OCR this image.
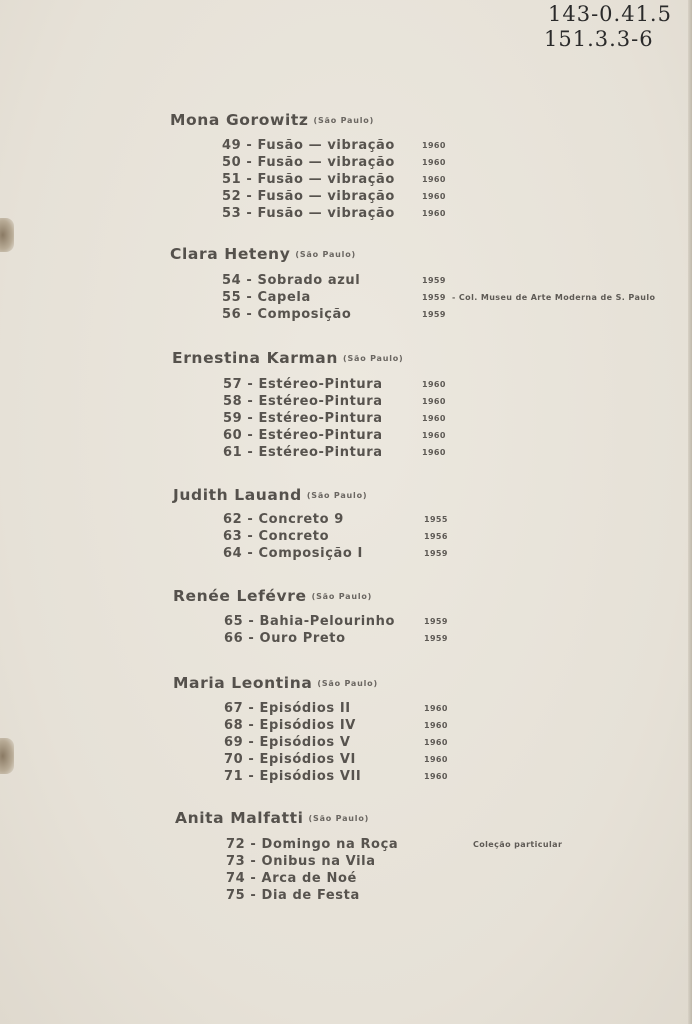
143-0.41.5
151.3.3-6
Mona Gorowitz (São Paulo)
49 - Fusão — vibração	1960
50 - Fusão — vibração	1960
51 - Fusão — vibração	1960
52 - Fusão — vibração	1960
53 - Fusão — vibração	1960
Clara Heteny (São Paulo)
54 - Sobrado azul	1959
55 - Capela	1959 - Col. Museu de Arte Moderna de S. Paulo
56 - Composição	1959
Ernestina Karman (São Paulo)
57 - Estéreo-Pintura	1960
58 - Estéreo-Pintura	1960
59 - Estéreo-Pintura	1960
60 - Estéreo-Pintura	1960
61 - Estéreo-Pintura	1960
Judith Lauand (São Paulo)
62 - Concreto 9	1955
63 - Concreto	1956
64 - Composição I	1959
Renée Lefévre (São Paulo)
65 - Bahia-Pelourinho	1959
66 - Ouro Preto	1959
Maria Leontina (São Paulo)
67 - Episódios II	1960
68 - Episódios IV	1960
69 - Episódios V	1960
70 - Episódios VI	1960
71 - Episódios VII	1960
Anita Malfatti (São Paulo)
72 - Domingo na Roça	Coleção particular
73 - Onibus na Vila
74 - Arca de Noé
75 - Dia de Festa
